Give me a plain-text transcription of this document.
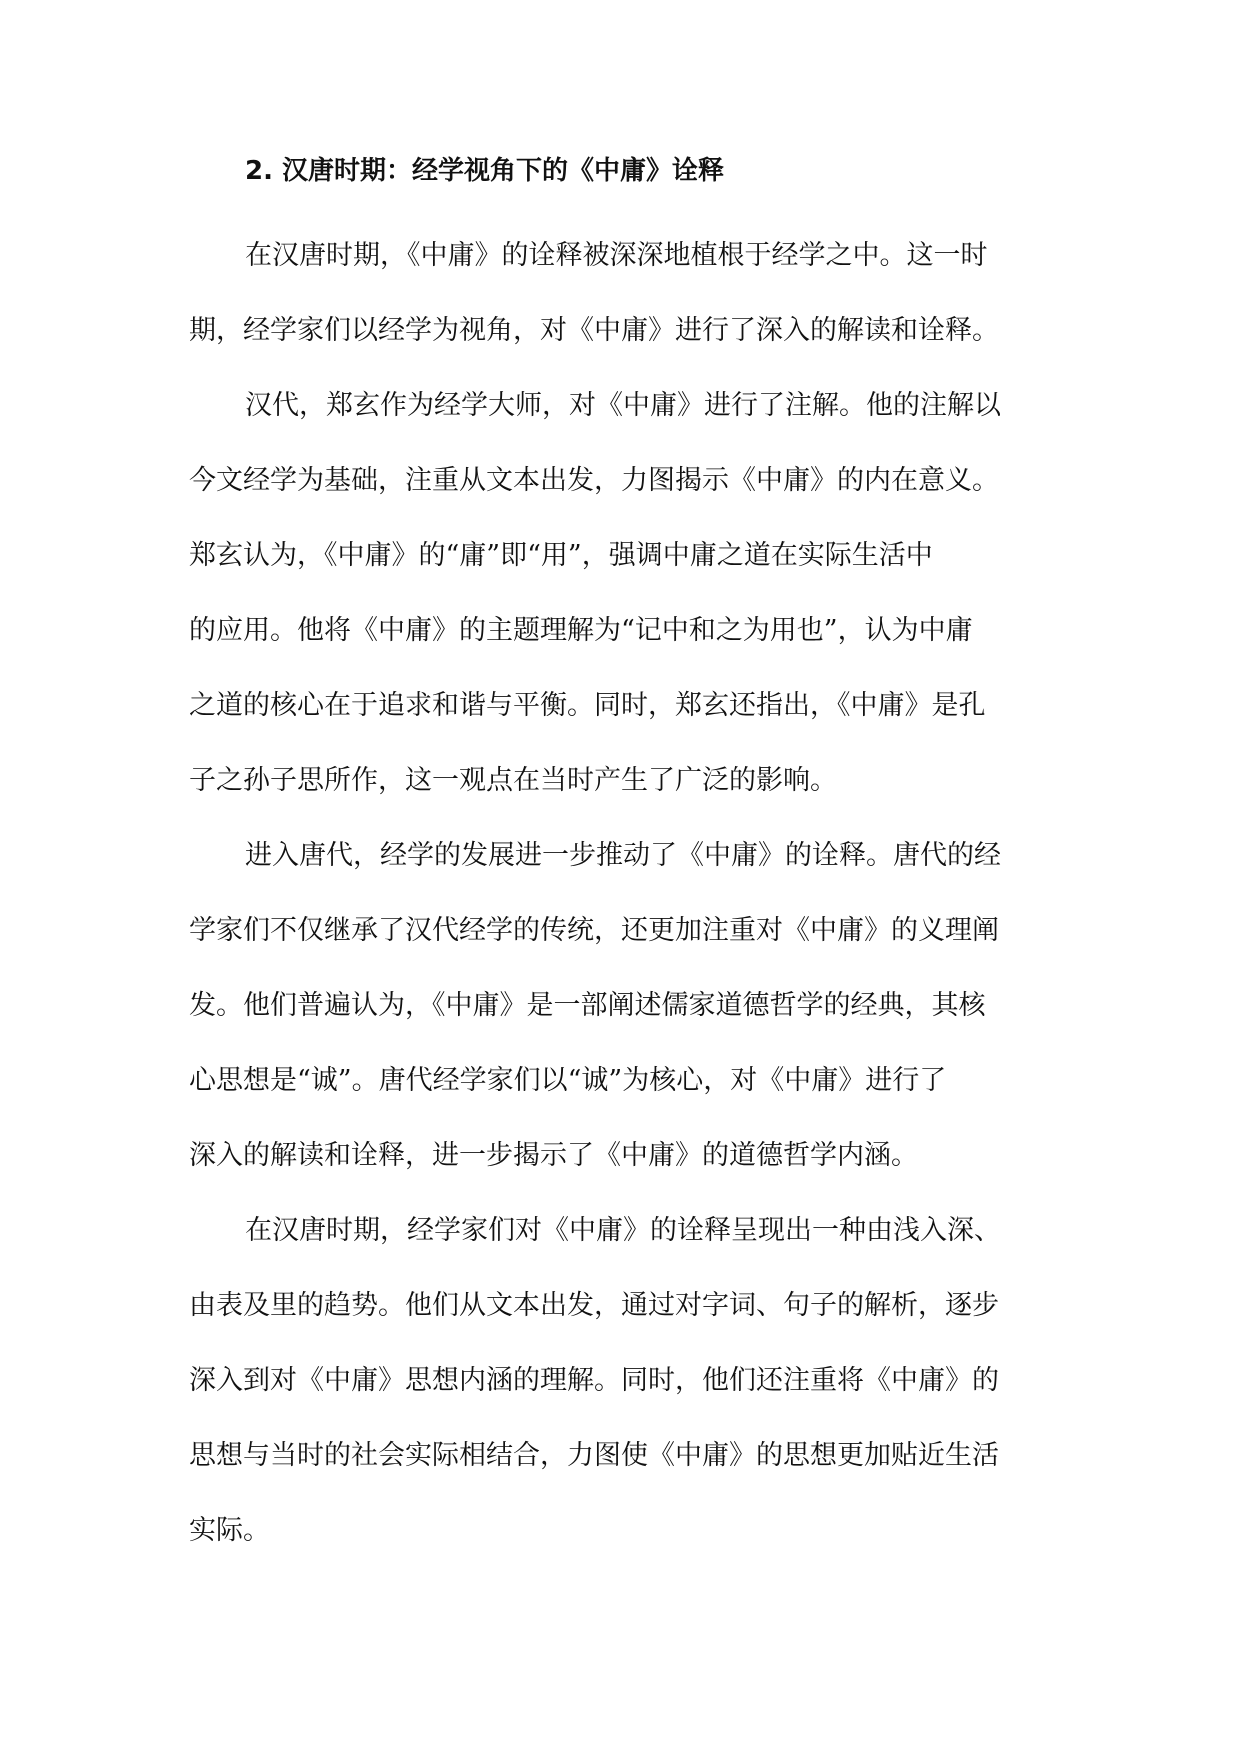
2. 汉唐时期：经学视角下的《中庸》诠释

在汉唐时期，《中庸》的诠释被深深地植根于经学之中。这一时
期，经学家们以经学为视角，对《中庸》进行了深入的解读和诠释。

汉代，郑玄作为经学大师，对《中庸》进行了注解。他的注解以
今文经学为基础，注重从文本出发，力图揭示《中庸》的内在意义。
郑玄认为，《中庸》的“庸”即“用”，强调中庸之道在实际生活中
的应用。他将《中庸》的主题理解为“记中和之为用也”，认为中庸
之道的核心在于追求和谐与平衡。同时，郑玄还指出，《中庸》是孔
子之孙子思所作，这一观点在当时产生了广泛的影响。

进入唐代，经学的发展进一步推动了《中庸》的诠释。唐代的经
学家们不仅继承了汉代经学的传统，还更加注重对《中庸》的义理阐
发。他们普遍认为，《中庸》是一部阐述儒家道德哲学的经典，其核
心思想是“诚”。唐代经学家们以“诚”为核心，对《中庸》进行了
深入的解读和诠释，进一步揭示了《中庸》的道德哲学内涵。

在汉唐时期，经学家们对《中庸》的诠释呈现出一种由浅入深、
由表及里的趋势。他们从文本出发，通过对字词、句子的解析，逐步
深入到对《中庸》思想内涵的理解。同时，他们还注重将《中庸》的
思想与当时的社会实际相结合，力图使《中庸》的思想更加贴近生活
实际。
